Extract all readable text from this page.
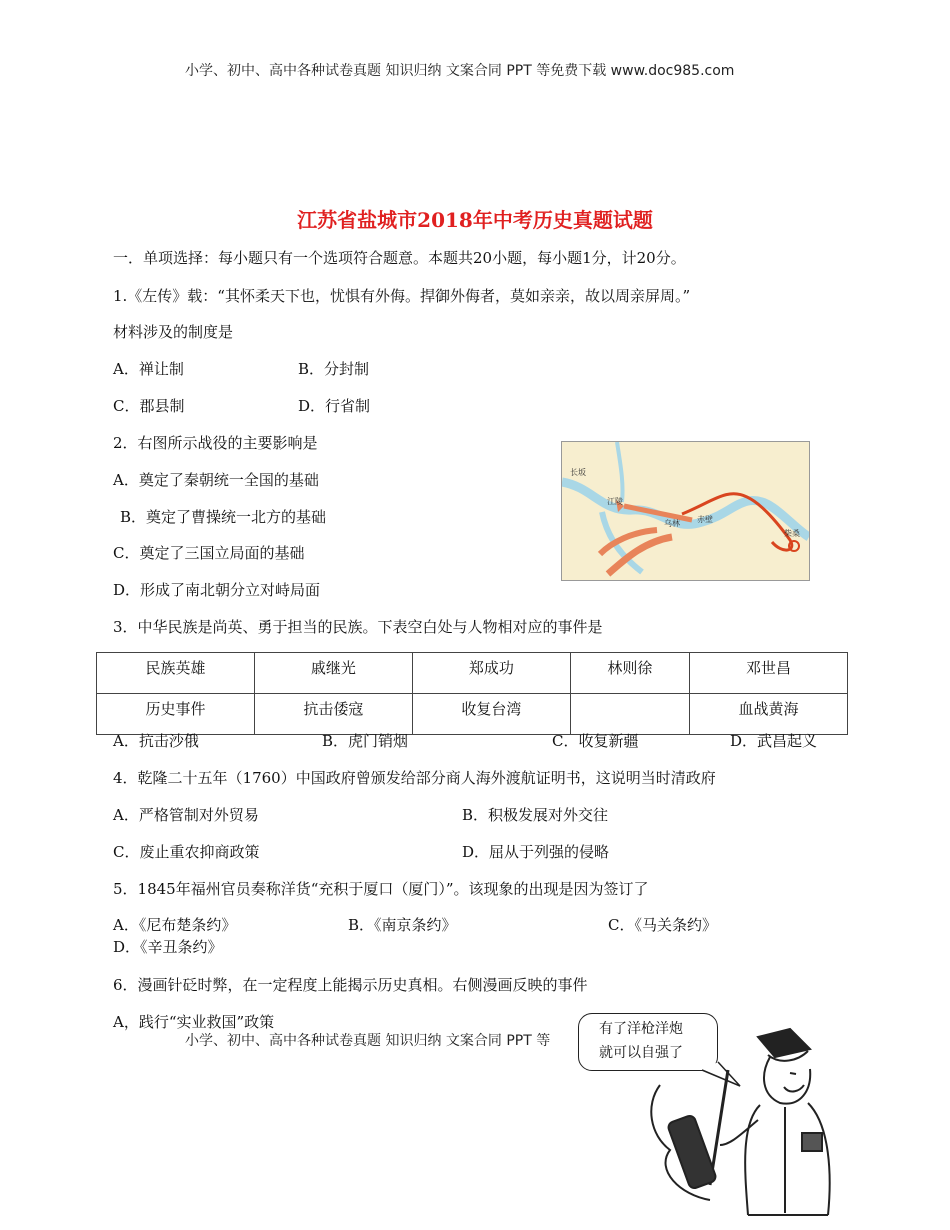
小学、初中、高中各种试卷真题 知识归纳 文案合同 PPT 等免费下载 www.doc985.com
江苏省盐城市2018年中考历史真题试题
一．单项选择：每小题只有一个选项符合题意。本题共20小题，每小题1分，计20分。
1.《左传》载：“其怀柔天下也，忧惧有外侮。捍御外侮者，莫如亲亲，故以周亲屏周。”
材料涉及的制度是
A．禅让制	B．分封制
C．郡县制	D．行省制
2．右图所示战役的主要影响是
A．奠定了秦朝统一全国的基础
B．奠定了曹操统一北方的基础
C．奠定了三国立局面的基础
D．形成了南北朝分立对峙局面
长坂
江陵
乌林 赤壁
柴桑
3．中华民族是尚英、勇于担当的民族。下表空白处与人物相对应的事件是
民族英雄	戚继光	郑成功	林则徐	邓世昌
历史事件	抗击倭寇	收复台湾		血战黄海
A．抗击沙俄	B．虎门销烟	C．收复新疆	D．武昌起义
4．乾隆二十五年（1760）中国政府曾颁发给部分商人海外渡航证明书，这说明当时清政府
A．严格管制对外贸易	B．积极发展对外交往
C．废止重农抑商政策	D．屈从于列强的侵略
5．1845年福州官员奏称洋货“充积于厦口（厦门）”。该现象的出现是因为签订了
A．《尼布楚条约》	B．《南京条约》	C．《马关条约》
D．《辛丑条约》
6．漫画针砭时弊，在一定程度上能揭示历史真相。右侧漫画反映的事件
A，践行“实业救国”政策
小学、初中、高中各种试卷真题 知识归纳 文案合同 PPT 等
有了洋枪洋炮
就可以自强了
